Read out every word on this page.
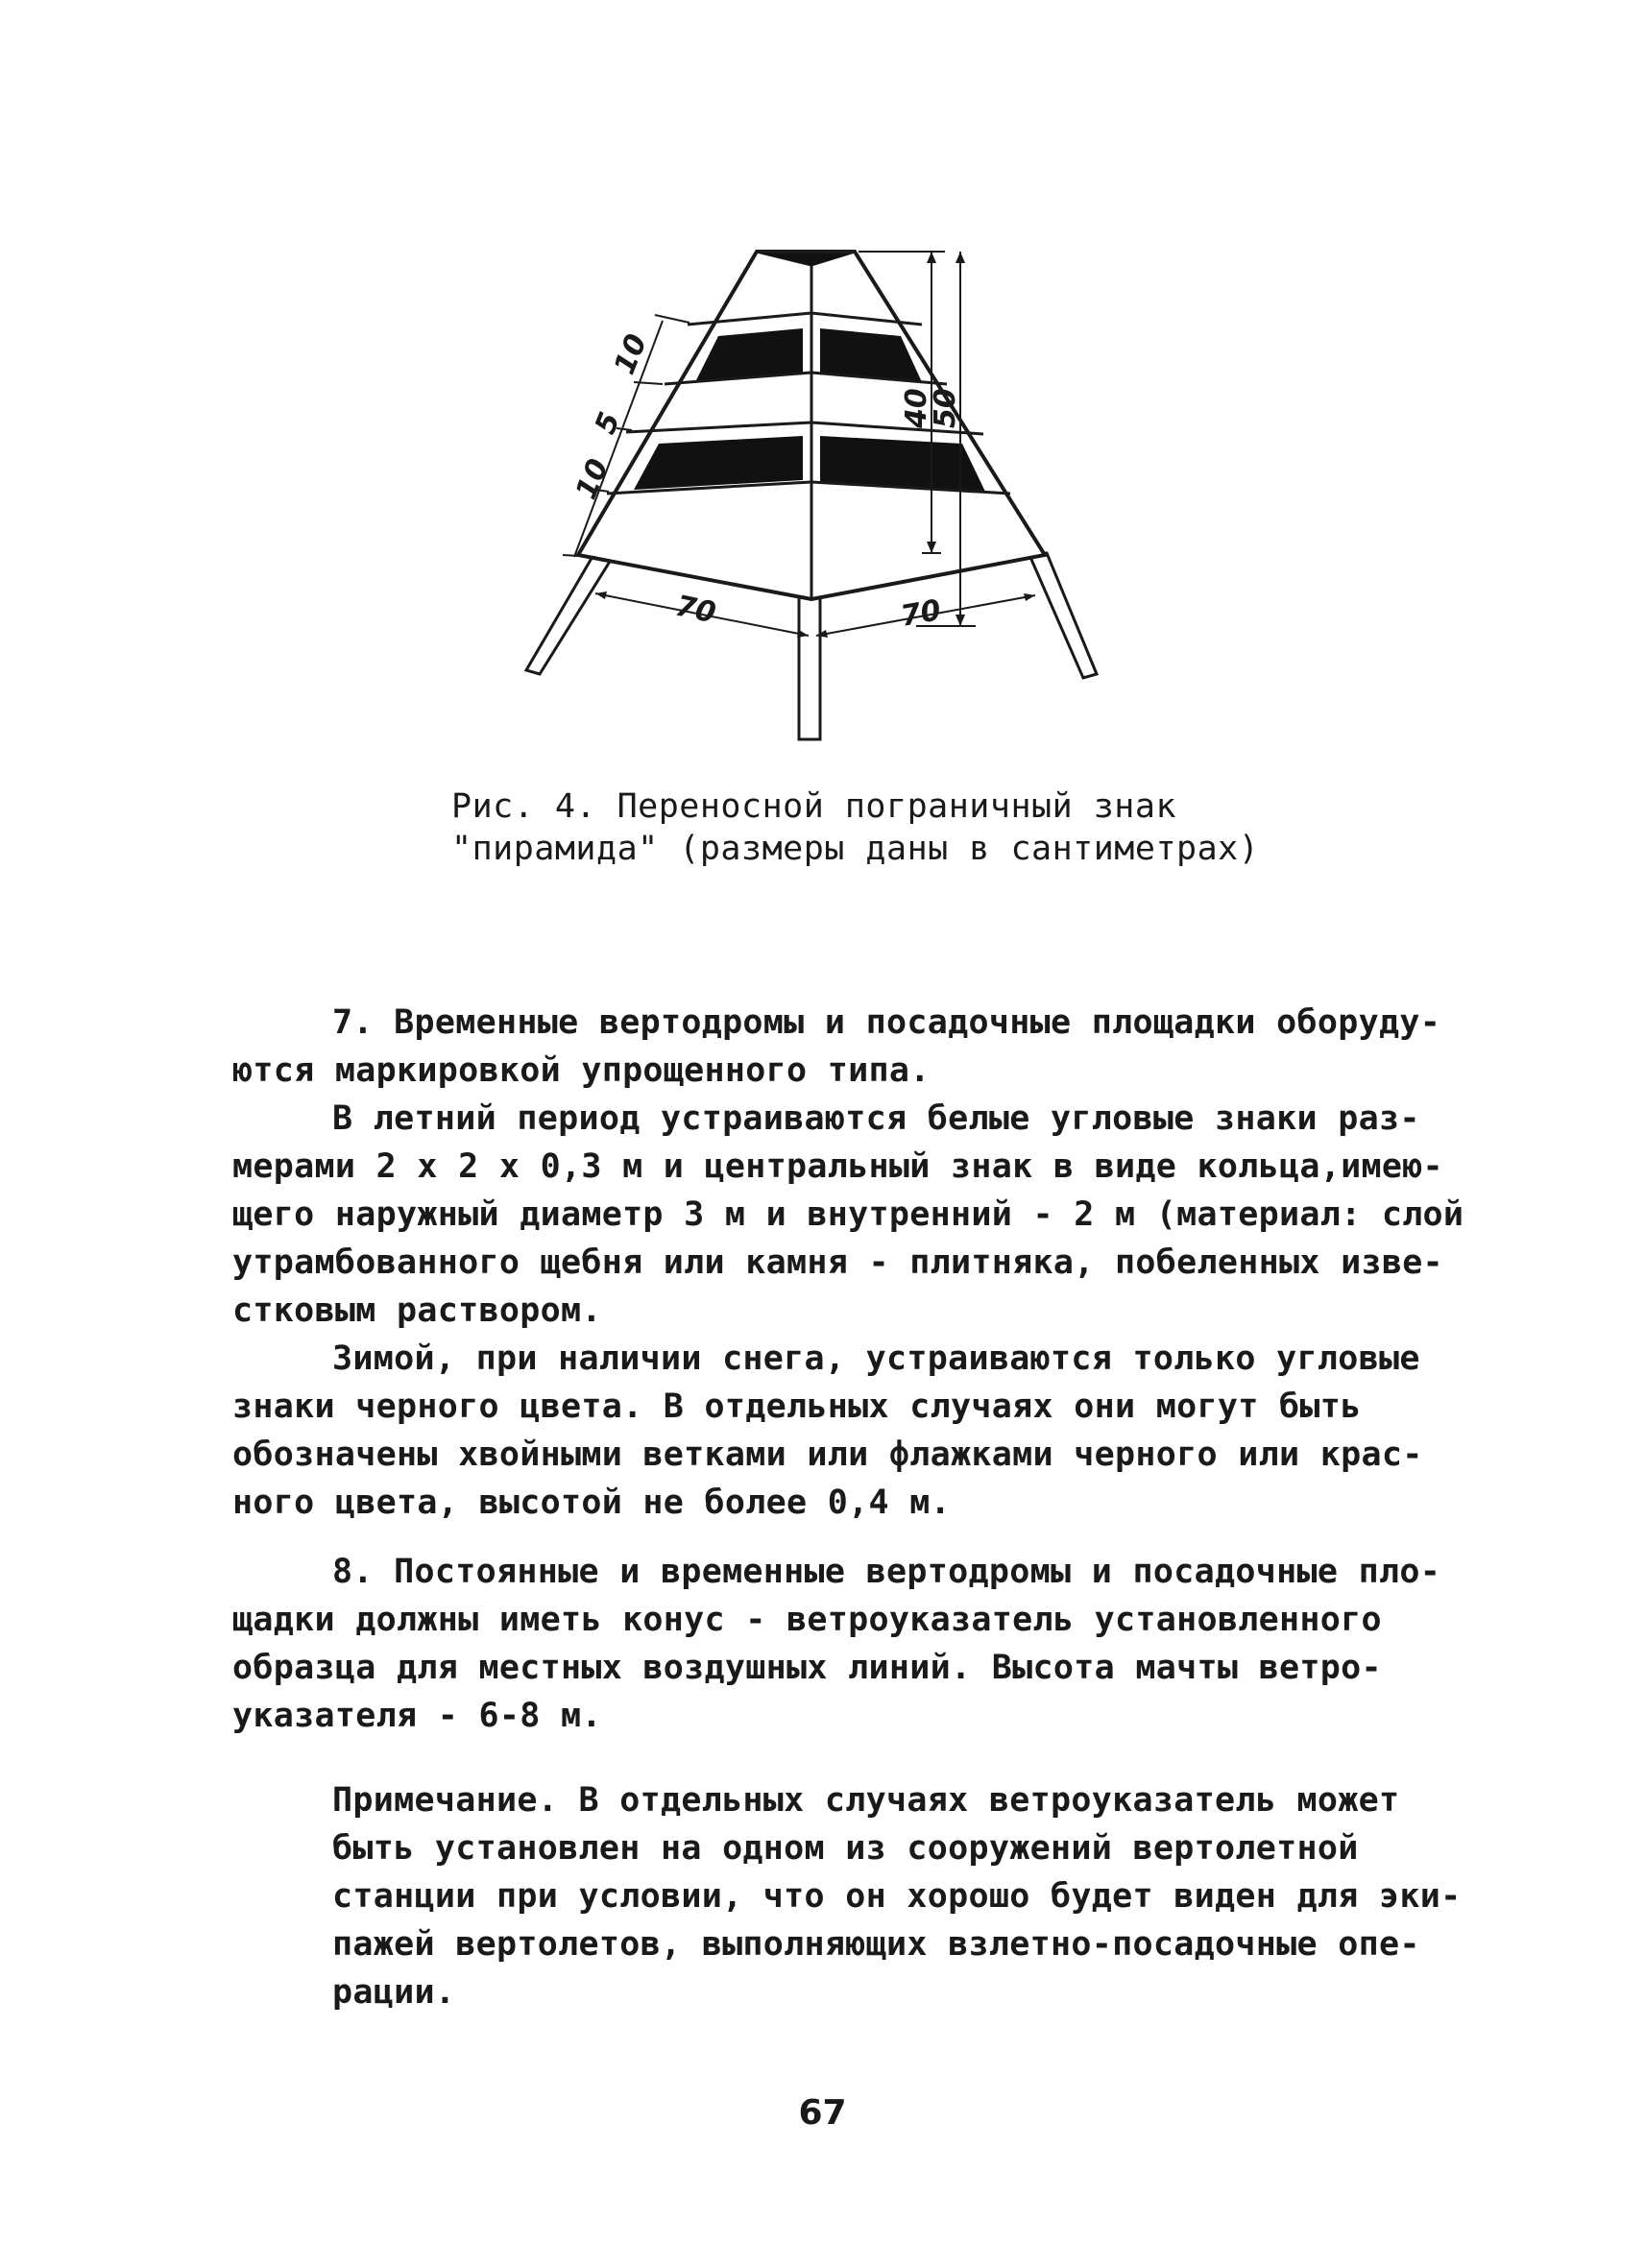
10
5
10
40
50
70	70

Рис. 4. Переносной пограничный знак

"пирамида" (размеры даны в сантиметрах)

7. Временные вертодромы и посадочные площадки оборуду-
ются маркировкой упрощенного типа.
В летний период устраиваются белые угловые знаки раз-
мерами 2 х 2 х 0,3 м и центральный знак в виде кольца,имею-
щего наружный диаметр 3 м и внутренний - 2 м (материал: слой
утрамбованного щебня или камня - плитняка, побеленных изве-
стковым раствором.
Зимой, при наличии снега, устраиваются только угловые
знаки черного цвета. В отдельных случаях они могут быть
обозначены хвойными ветками или флажками черного или крас-
ного цвета, высотой не более 0,4 м.
8. Постоянные и временные вертодромы и посадочные пло-
щадки должны иметь конус - ветроуказатель установленного
образца для местных воздушных линий. Высота мачты ветро-
указателя - 6-8 м.
Примечание. В отдельных случаях ветроуказатель может
быть установлен на одном из сооружений вертолетной
станции при условии, что он хорошо будет виден для эки-
пажей вертолетов, выполняющих взлетно-посадочные опе-
рации.
67
